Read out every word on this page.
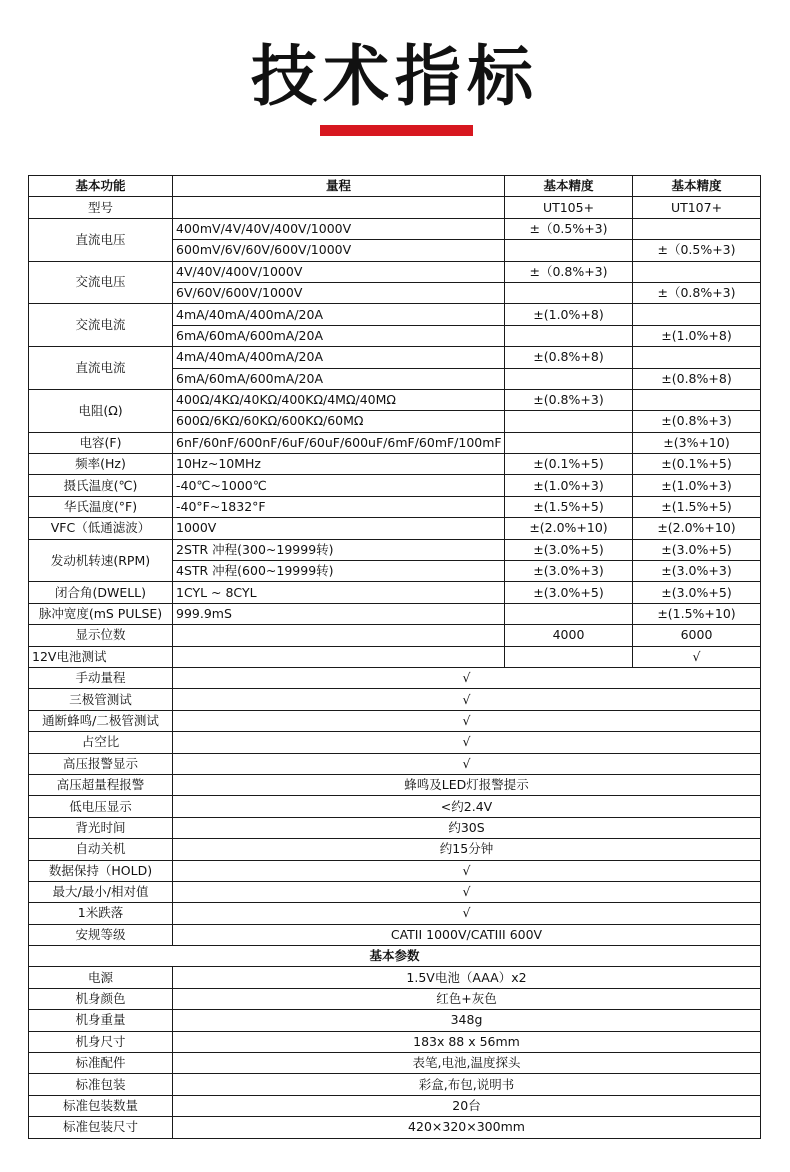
技术指标
基本功能	量程	基本精度	基本精度
型号		UT105+	UT107+
直流电压	400mV/4V/40V/400V/1000V	±（0.5%+3)	
	600mV/6V/60V/600V/1000V		±（0.5%+3)
交流电压	4V/40V/400V/1000V	±（0.8%+3)	
	6V/60V/600V/1000V		±（0.8%+3)
交流电流	4mA/40mA/400mA/20A	±(1.0%+8)	
	6mA/60mA/600mA/20A		±(1.0%+8)
直流电流	4mA/40mA/400mA/20A	±(0.8%+8)	
	6mA/60mA/600mA/20A		±(0.8%+8)
电阻(Ω)	400Ω/4KΩ/40KΩ/400KΩ/4MΩ/40MΩ	±(0.8%+3)	
	600Ω/6KΩ/60KΩ/600KΩ/60MΩ		±(0.8%+3)
电容(F)	6nF/60nF/600nF/6uF/60uF/600uF/6mF/60mF/100mF		±(3%+10)
频率(Hz)	10Hz~10MHz	±(0.1%+5)	±(0.1%+5)
摄氏温度(℃)	-40℃~1000℃	±(1.0%+3)	±(1.0%+3)
华氏温度(°F)	-40°F~1832°F	±(1.5%+5)	±(1.5%+5)
VFC（低通滤波）	1000V	±(2.0%+10)	±(2.0%+10)
发动机转速(RPM)	2STR 冲程(300~19999转)	±(3.0%+5)	±(3.0%+5)
	4STR 冲程(600~19999转)	±(3.0%+3)	±(3.0%+3)
闭合角(DWELL)	1CYL ~ 8CYL	±(3.0%+5)	±(3.0%+5)
脉冲宽度(mS PULSE)	999.9mS		±(1.5%+10)
显示位数		4000	6000
12V电池测试			√
手动量程	√		
三极管测试	√		
通断蜂鸣/二极管测试	√		
占空比	√		
高压报警显示	√		
高压超量程报警	蜂鸣及LED灯报警提示		
低电压显示	<约2.4V		
背光时间	约30S		
自动关机	约15分钟		
数据保持（HOLD)	√		
最大/最小/相对值	√		
1米跌落	√		
安规等级	CATII 1000V/CATIII 600V		
基本参数			
电源	1.5V电池（AAA）x2		
机身颜色	红色+灰色		
机身重量	348g		
机身尺寸	183x 88 x 56mm		
标准配件	表笔,电池,温度探头		
标准包装	彩盒,布包,说明书		
标准包装数量	20台		
标准包装尺寸	420×320×300mm		
